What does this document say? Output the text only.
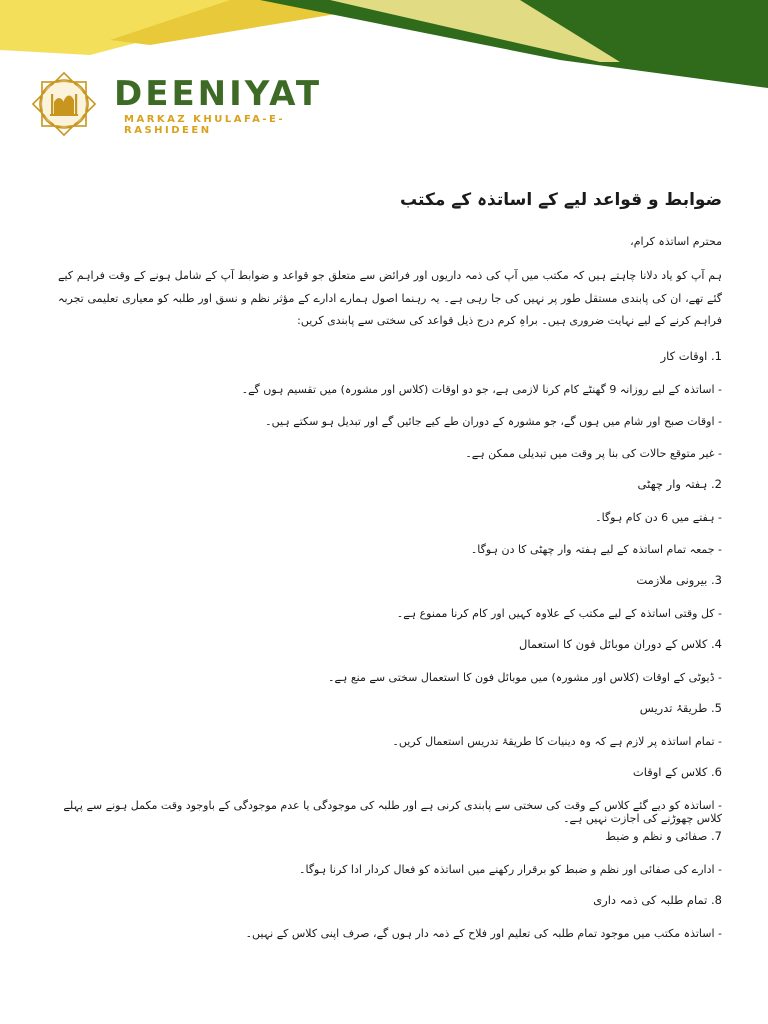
DEENIYAT
MARKAZ KHULAFA-E-RASHIDEEN
ضوابط و قواعد لیے کے اساتذہ کے مکتب
محترم اساتذہ کرام،
ہم آپ کو یاد دلانا چاہتے ہیں کہ مکتب میں آپ کی ذمہ داریوں اور فرائض سے متعلق جو قواعد و ضوابط آپ کے شامل ہونے کے وقت فراہم کیے گئے تھے، ان کی پابندی مستقل طور پر نہیں کی جا رہی ہے۔ یہ رہنما اصول ہمارے ادارے کے مؤثر نظم و نسق اور طلبہ کو معیاری تعلیمی تجربہ فراہم کرنے کے لیے نہایت ضروری ہیں۔ براہِ کرم درج ذیل قواعد کی سختی سے پابندی کریں:
1. اوقات کار
- اساتذہ کے لیے روزانہ 9 گھنٹے کام کرنا لازمی ہے، جو دو اوقات (کلاس اور مشورہ) میں تقسیم ہوں گے۔
- اوقات صبح اور شام میں ہوں گے، جو مشورہ کے دوران طے کیے جائیں گے اور تبدیل ہو سکتے ہیں۔
- غیر متوقع حالات کی بنا پر وقت میں تبدیلی ممکن ہے۔
2. ہفتہ وار چھٹی
- ہفتے میں 6 دن کام ہوگا۔
- جمعہ تمام اساتذہ کے لیے ہفتہ وار چھٹی کا دن ہوگا۔
3. بیرونی ملازمت
- کل وقتی اساتذہ کے لیے مکتب کے علاوہ کہیں اور کام کرنا ممنوع ہے۔
4. کلاس کے دوران موبائل فون کا استعمال
- ڈیوٹی کے اوقات (کلاس اور مشورہ) میں موبائل فون کا استعمال سختی سے منع ہے۔
5. طریقۂ تدریس
- تمام اساتذہ پر لازم ہے کہ وہ دینیات کا طریقۂ تدریس استعمال کریں۔
6. کلاس کے اوقات
- اساتذہ کو دیے گئے کلاس کے وقت کی سختی سے پابندی کرنی ہے اور طلبہ کی موجودگی یا عدم موجودگی کے باوجود وقت مکمل ہونے سے پہلے کلاس چھوڑنے کی اجازت نہیں ہے۔
7. صفائی و نظم و ضبط
- ادارے کی صفائی اور نظم و ضبط کو برقرار رکھنے میں اساتذہ کو فعال کردار ادا کرنا ہوگا۔
8. تمام طلبہ کی ذمہ داری
- اساتذہ مکتب میں موجود تمام طلبہ کی تعلیم اور فلاح کے ذمہ دار ہوں گے، صرف اپنی کلاس کے نہیں۔
